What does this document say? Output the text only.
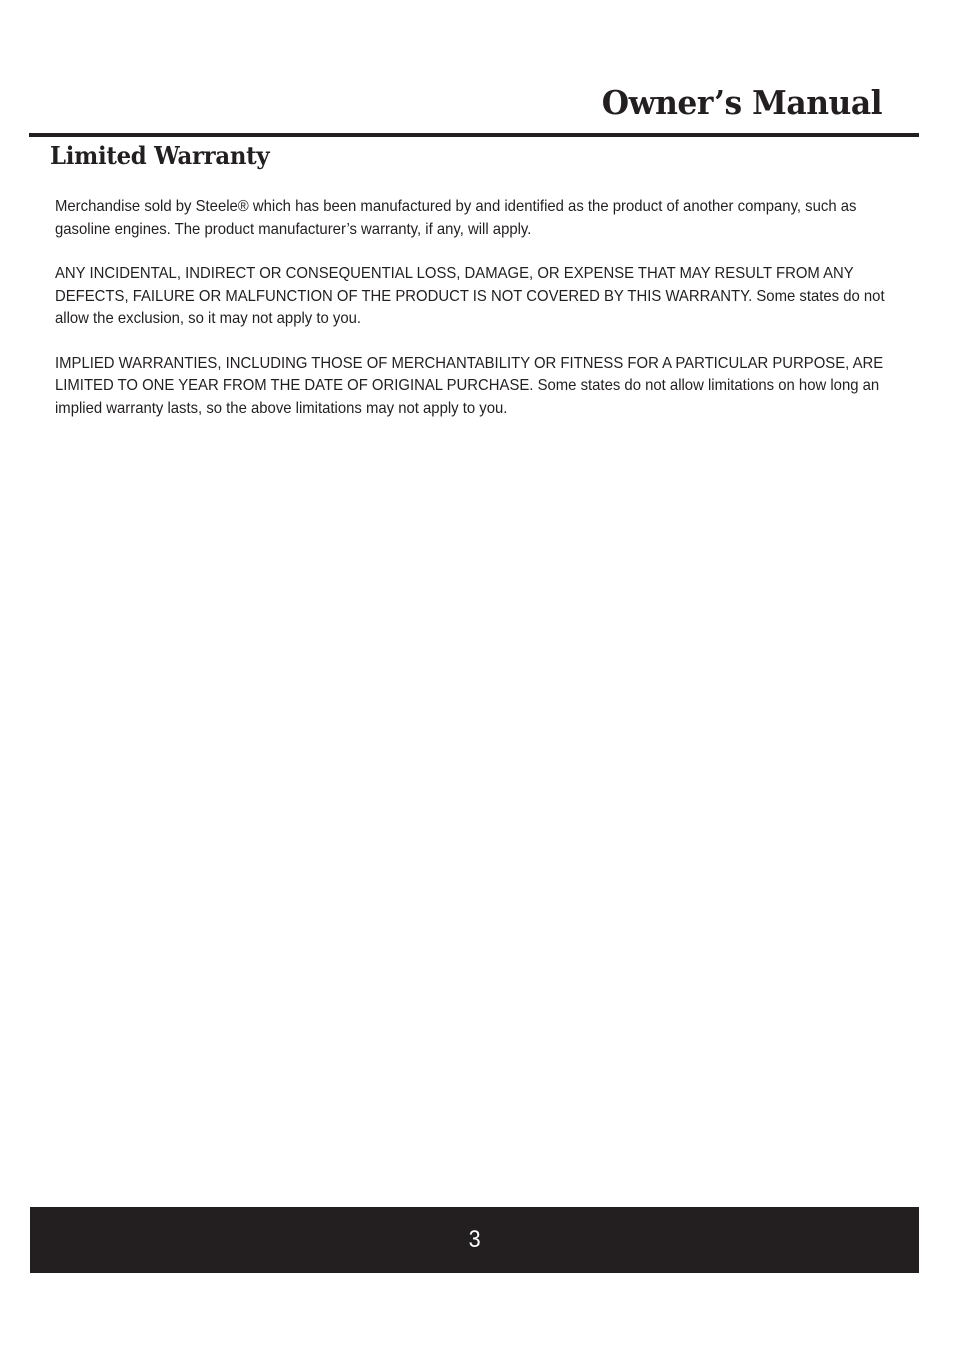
Owner’s Manual
Limited Warranty

Merchandise sold by Steele® which has been manufactured by and identified as the product of another company, such as gasoline engines. The product manufacturer’s warranty, if any, will apply.

ANY INCIDENTAL, INDIRECT OR CONSEQUENTIAL LOSS, DAMAGE, OR EXPENSE THAT MAY RESULT FROM ANY DEFECTS, FAILURE OR MALFUNCTION OF THE PRODUCT IS NOT COVERED BY THIS WARRANTY. Some states do not allow the exclusion, so it may not apply to you.

IMPLIED WARRANTIES, INCLUDING THOSE OF MERCHANTABILITY OR FITNESS FOR A PARTICULAR PURPOSE, ARE LIMITED TO ONE YEAR FROM THE DATE OF ORIGINAL PURCHASE. Some states do not allow limitations on how long an implied warranty lasts, so the above limitations may not apply to you.

3
